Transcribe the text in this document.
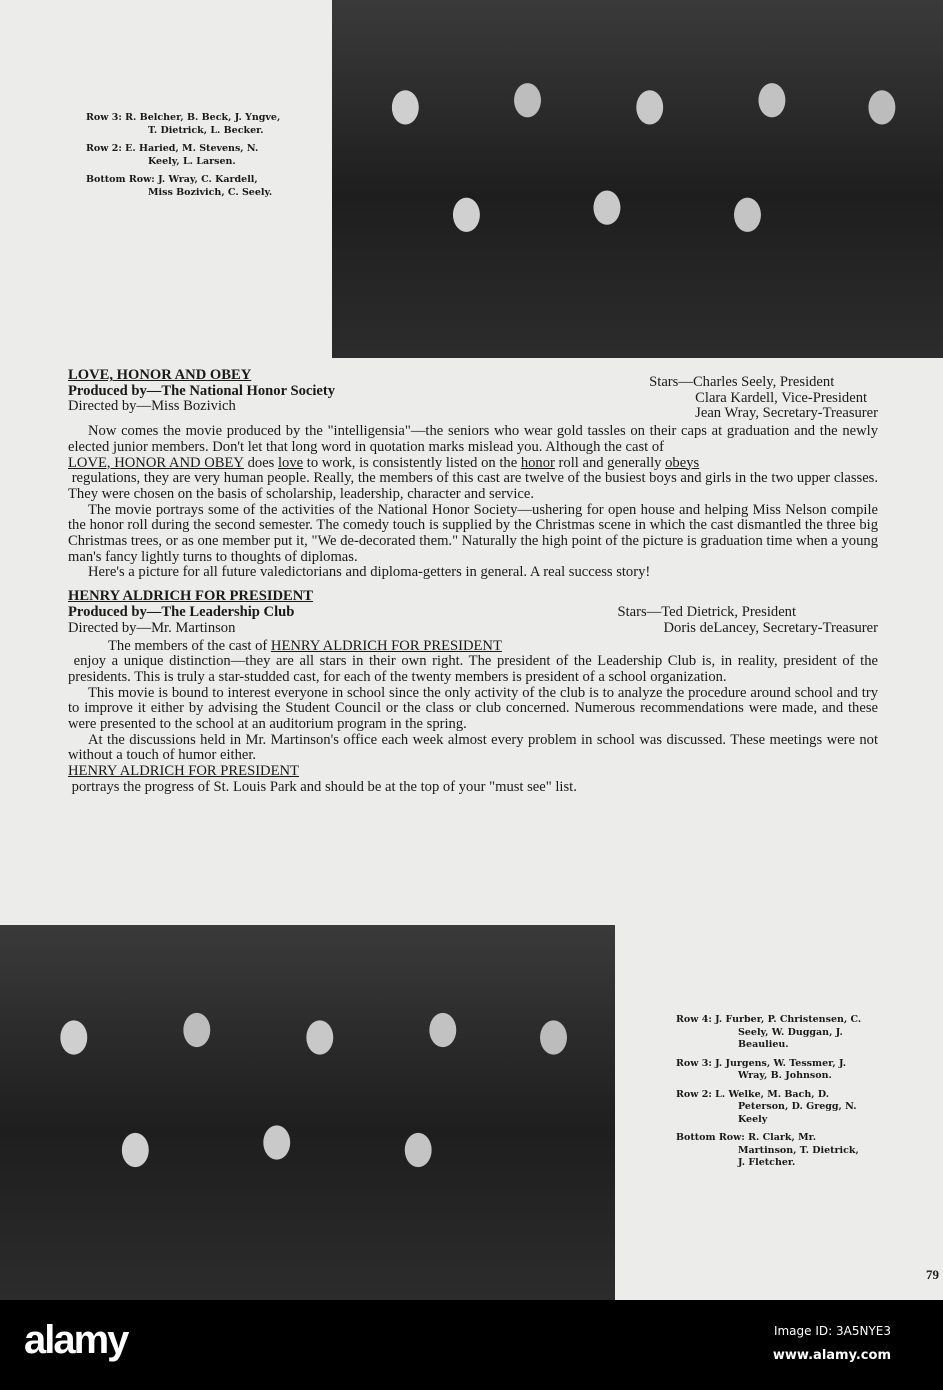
Row 3: R. Belcher, B. Beck, J. Yngve, T. Dietrick, L. Becker.
Row 2: E. Haried, M. Stevens, N. Keely, L. Larsen.
Bottom Row: J. Wray, C. Kardell, Miss Bozivich, C. Seely.
LOVE, HONOR AND OBEY
Produced by—The National Honor Society
Directed by—Miss Bozivich
Stars—Charles Seely, President
Clara Kardell, Vice-President
Jean Wray, Secretary-Treasurer

Now comes the movie produced by the "intelligensia"—the seniors who wear gold tassles on their caps at graduation and the newly elected junior members. Don't let that long word in quotation marks mislead you. Although the cast of
LOVE, HONOR AND OBEY does love to work, is consistently listed on the honor roll and generally obeys
regulations, they are very human people. Really, the members of this cast are twelve of the busiest boys and girls in the two upper classes. They were chosen on the basis of scholarship, leadership, character and service.

The movie portrays some of the activities of the National Honor Society—ushering for open house and helping Miss Nelson compile the honor roll during the second semester. The comedy touch is supplied by the Christmas scene in which the cast dismantled the three big Christmas trees, or as one member put it, "We de-decorated them." Naturally the high point of the picture is graduation time when a young man's fancy lightly turns to thoughts of diplomas.

Here's a picture for all future valedictorians and diploma-getters in general. A real success story!

HENRY ALDRICH FOR PRESIDENT
Produced by—The Leadership Club
Directed by—Mr. Martinson
Stars—Ted Dietrick, President
Doris deLancey, Secretary-Treasurer

The members of the cast of HENRY ALDRICH FOR PRESIDENT
enjoy a unique distinction—they are all stars in their own right. The president of the Leadership Club is, in reality, president of the presidents. This is truly a star-studded cast, for each of the twenty members is president of a school organization.

This movie is bound to interest everyone in school since the only activity of the club is to analyze the procedure around school and try to improve it either by advising the Student Council or the class or club concerned. Numerous recommendations were made, and these were presented to the school at an auditorium program in the spring.

At the discussions held in Mr. Martinson's office each week almost every problem in school was discussed. These meetings were not without a touch of humor either.
HENRY ALDRICH FOR PRESIDENT
portrays the progress of St. Louis Park and should be at the top of your "must see" list.

Row 4: J. Furber, P. Christensen, C. Seely, W. Duggan, J. Beaulieu.
Row 3: J. Jurgens, W. Tessmer, J. Wray, B. Johnson.
Row 2: L. Welke, M. Bach, D. Peterson, D. Gregg, N. Keely
Bottom Row: R. Clark, Mr. Martinson, T. Dietrick, J. Fletcher.
79
alamy	Image ID: 3A5NYE3
www.alamy.com
